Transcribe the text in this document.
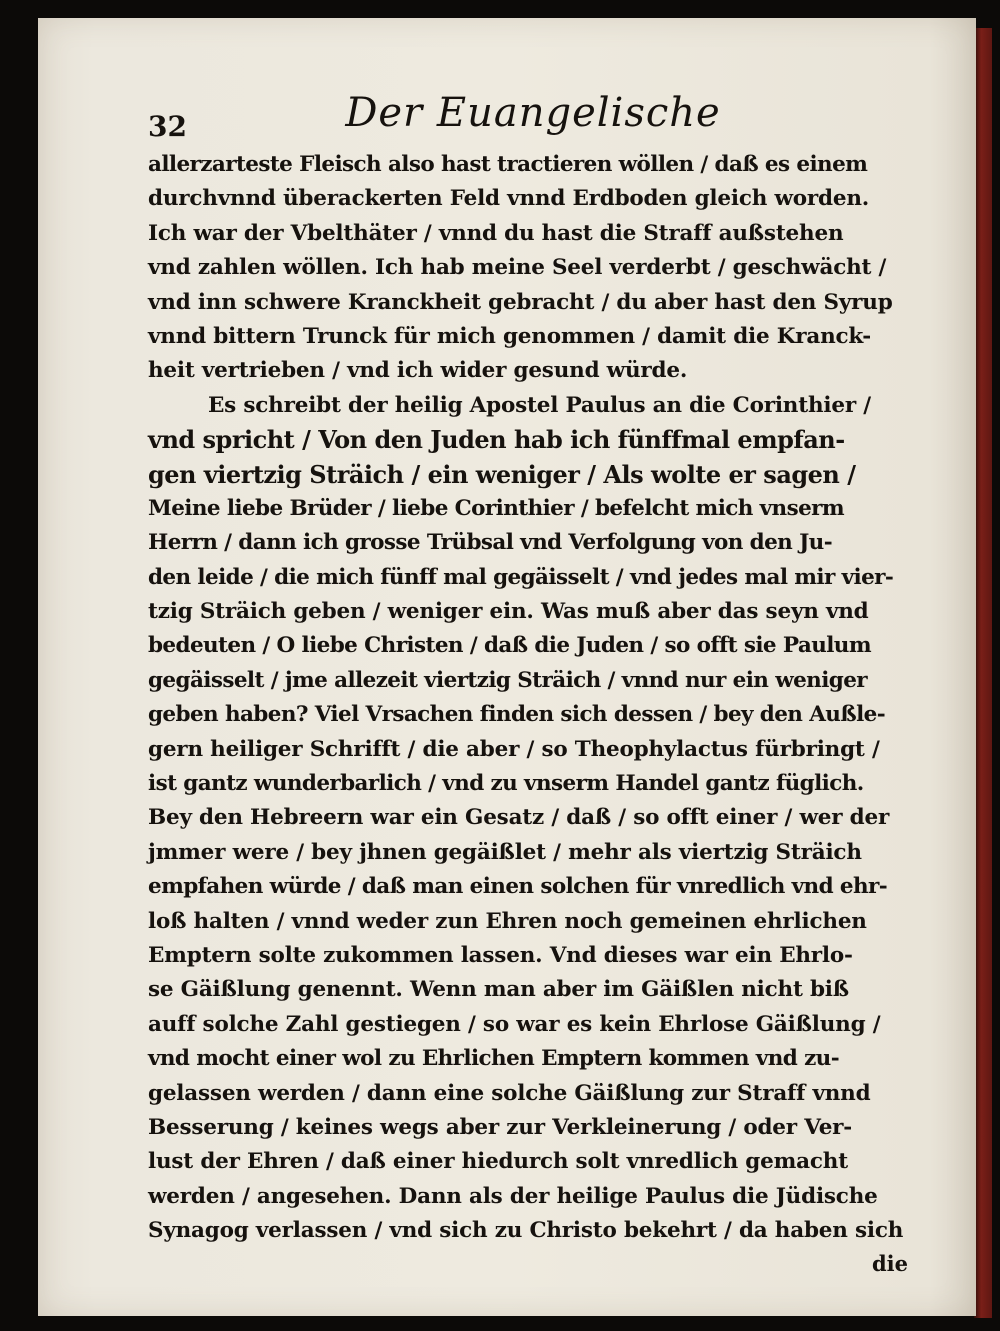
32	Der Euangelische
allerzarteste Fleisch also hast tractieren wöllen / daß es einem
durchvnnd überackerten Feld vnnd Erdboden gleich worden.
Ich war der Vbelthäter / vnnd du hast die Straff außstehen
vnd zahlen wöllen. Ich hab meine Seel verderbt / geschwächt /
vnd inn schwere Kranckheit gebracht / du aber hast den Syrup
vnnd bittern Trunck für mich genommen / damit die Kranck-
heit vertrieben / vnd ich wider gesund würde.
Es schreibt der heilig Apostel Paulus an die Corinthier /
vnd spricht / Von den Juden hab ich fünffmal empfan-
gen viertzig Sträich / ein weniger / Als wolte er sagen /
Meine liebe Brüder / liebe Corinthier / befelcht mich vnserm
Herrn / dann ich grosse Trübsal vnd Verfolgung von den Ju-
den leide / die mich fünff mal gegäisselt / vnd jedes mal mir vier-
tzig Sträich geben / weniger ein. Was muß aber das seyn vnd
bedeuten / O liebe Christen / daß die Juden / so offt sie Paulum
gegäisselt / jme allezeit viertzig Sträich / vnnd nur ein weniger
geben haben? Viel Vrsachen finden sich dessen / bey den Außle-
gern heiliger Schrifft / die aber / so Theophylactus fürbringt /
ist gantz wunderbarlich / vnd zu vnserm Handel gantz füglich.
Bey den Hebreern war ein Gesatz / daß / so offt einer / wer der
jmmer were / bey jhnen gegäißlet / mehr als viertzig Sträich
empfahen würde / daß man einen solchen für vnredlich vnd ehr-
loß halten / vnnd weder zun Ehren noch gemeinen ehrlichen
Emptern solte zukommen lassen. Vnd dieses war ein Ehrlo-
se Gäißlung genennt. Wenn man aber im Gäißlen nicht biß
auff solche Zahl gestiegen / so war es kein Ehrlose Gäißlung /
vnd mocht einer wol zu Ehrlichen Emptern kommen vnd zu-
gelassen werden / dann eine solche Gäißlung zur Straff vnnd
Besserung / keines wegs aber zur Verkleinerung / oder Ver-
lust der Ehren / daß einer hiedurch solt vnredlich gemacht
werden / angesehen. Dann als der heilige Paulus die Jüdische
Synagog verlassen / vnd sich zu Christo bekehrt / da haben sich
die
